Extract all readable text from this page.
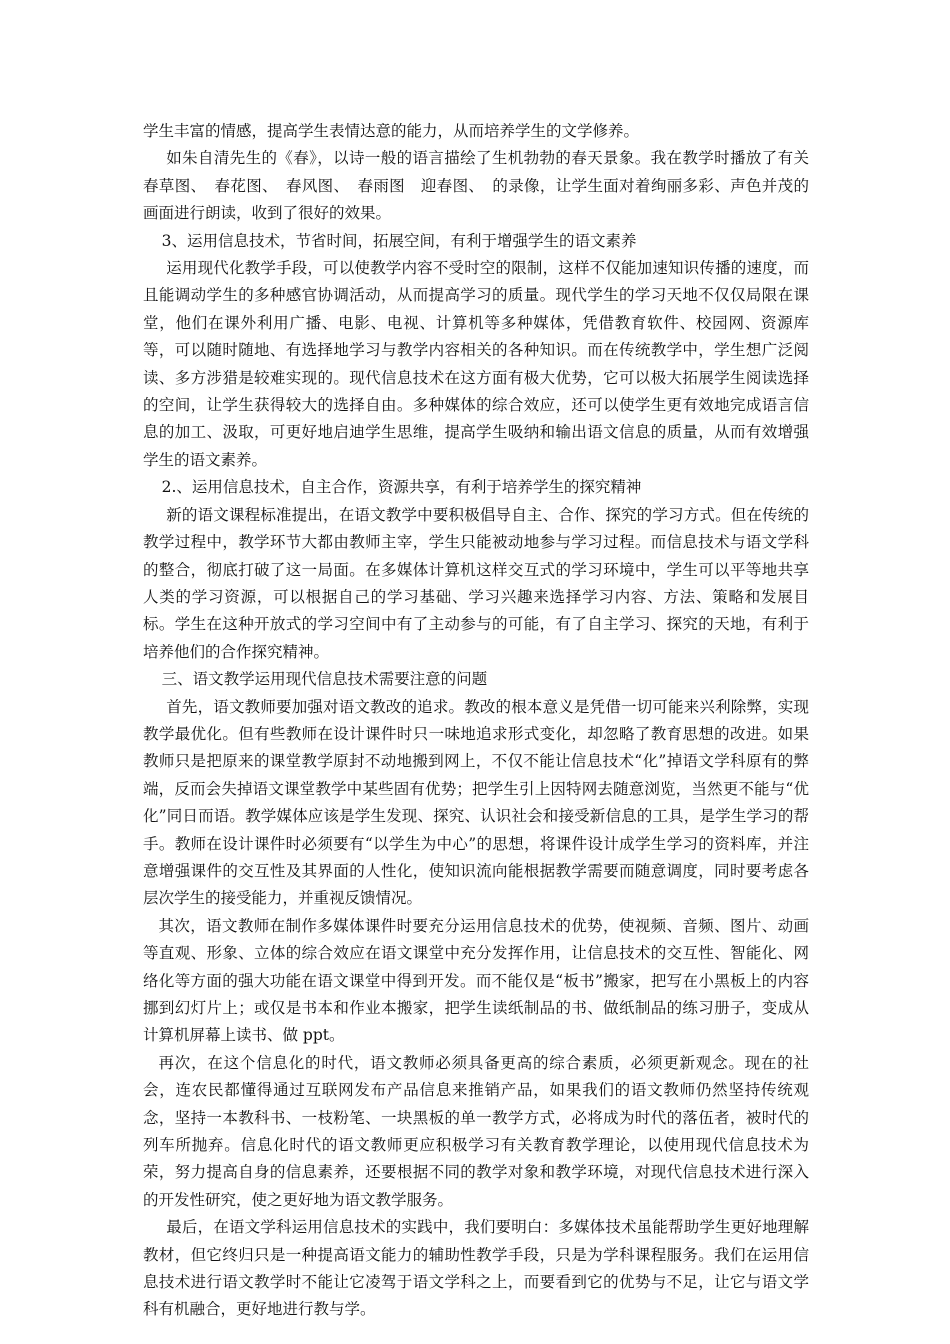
学生丰富的情感，提高学生表情达意的能力，从而培养学生的文学修养。

如朱自清先生的《春》，以诗一般的语言描绘了生机勃勃的春天景象。我在教学时播放了有关春草图、　春花图、　春风图、　春雨图　迎春图、　的录像，让学生面对着绚丽多彩、声色并茂的画面进行朗读，收到了很好的效果。

3、运用信息技术，节省时间，拓展空间，有利于增强学生的语文素养

运用现代化教学手段，可以使教学内容不受时空的限制，这样不仅能加速知识传播的速度，而且能调动学生的多种感官协调活动，从而提高学习的质量。现代学生的学习天地不仅仅局限在课堂，他们在课外利用广播、电影、电视、计算机等多种媒体，凭借教育软件、校园网、资源库等，可以随时随地、有选择地学习与教学内容相关的各种知识。而在传统教学中，学生想广泛阅读、多方涉猎是较难实现的。现代信息技术在这方面有极大优势，它可以极大拓展学生阅读选择的空间，让学生获得较大的选择自由。多种媒体的综合效应，还可以使学生更有效地完成语言信息的加工、汲取，可更好地启迪学生思维，提高学生吸纳和输出语文信息的质量，从而有效增强学生的语文素养。

2.、运用信息技术，自主合作，资源共享，有利于培养学生的探究精神

新的语文课程标准提出，在语文教学中要积极倡导自主、合作、探究的学习方式。但在传统的教学过程中，教学环节大都由教师主宰，学生只能被动地参与学习过程。而信息技术与语文学科的整合，彻底打破了这一局面。在多媒体计算机这样交互式的学习环境中，学生可以平等地共享人类的学习资源，可以根据自己的学习基础、学习兴趣来选择学习内容、方法、策略和发展目标。学生在这种开放式的学习空间中有了主动参与的可能，有了自主学习、探究的天地，有利于培养他们的合作探究精神。

三、语文教学运用现代信息技术需要注意的问题

首先，语文教师要加强对语文教改的追求。教改的根本意义是凭借一切可能来兴利除弊，实现教学最优化。但有些教师在设计课件时只一味地追求形式变化，却忽略了教育思想的改进。如果教师只是把原来的课堂教学原封不动地搬到网上，不仅不能让信息技术“化”掉语文学科原有的弊端，反而会失掉语文课堂教学中某些固有优势；把学生引上因特网去随意浏览，当然更不能与“优化”同日而语。教学媒体应该是学生发现、探究、认识社会和接受新信息的工具，是学生学习的帮手。教师在设计课件时必须要有“以学生为中心”的思想，将课件设计成学生学习的资料库，并注意增强课件的交互性及其界面的人性化，使知识流向能根据教学需要而随意调度，同时要考虑各层次学生的接受能力，并重视反馈情况。

其次，语文教师在制作多媒体课件时要充分运用信息技术的优势，使视频、音频、图片、动画等直观、形象、立体的综合效应在语文课堂中充分发挥作用，让信息技术的交互性、智能化、网络化等方面的强大功能在语文课堂中得到开发。而不能仅是“板书”搬家，把写在小黑板上的内容挪到幻灯片上；或仅是书本和作业本搬家，把学生读纸制品的书、做纸制品的练习册子，变成从计算机屏幕上读书、做 ppt。

再次，在这个信息化的时代，语文教师必须具备更高的综合素质，必须更新观念。现在的社会，连农民都懂得通过互联网发布产品信息来推销产品，如果我们的语文教师仍然坚持传统观念，坚持一本教科书、一枝粉笔、一块黑板的单一教学方式，必将成为时代的落伍者，被时代的列车所抛弃。信息化时代的语文教师更应积极学习有关教育教学理论，以使用现代信息技术为荣，努力提高自身的信息素养，还要根据不同的教学对象和教学环境，对现代信息技术进行深入的开发性研究，使之更好地为语文教学服务。

最后，在语文学科运用信息技术的实践中，我们要明白：多媒体技术虽能帮助学生更好地理解教材，但它终归只是一种提高语文能力的辅助性教学手段，只是为学科课程服务。我们在运用信息技术进行语文教学时不能让它凌驾于语文学科之上，而要看到它的优势与不足，让它与语文学科有机融合，更好地进行教与学。
